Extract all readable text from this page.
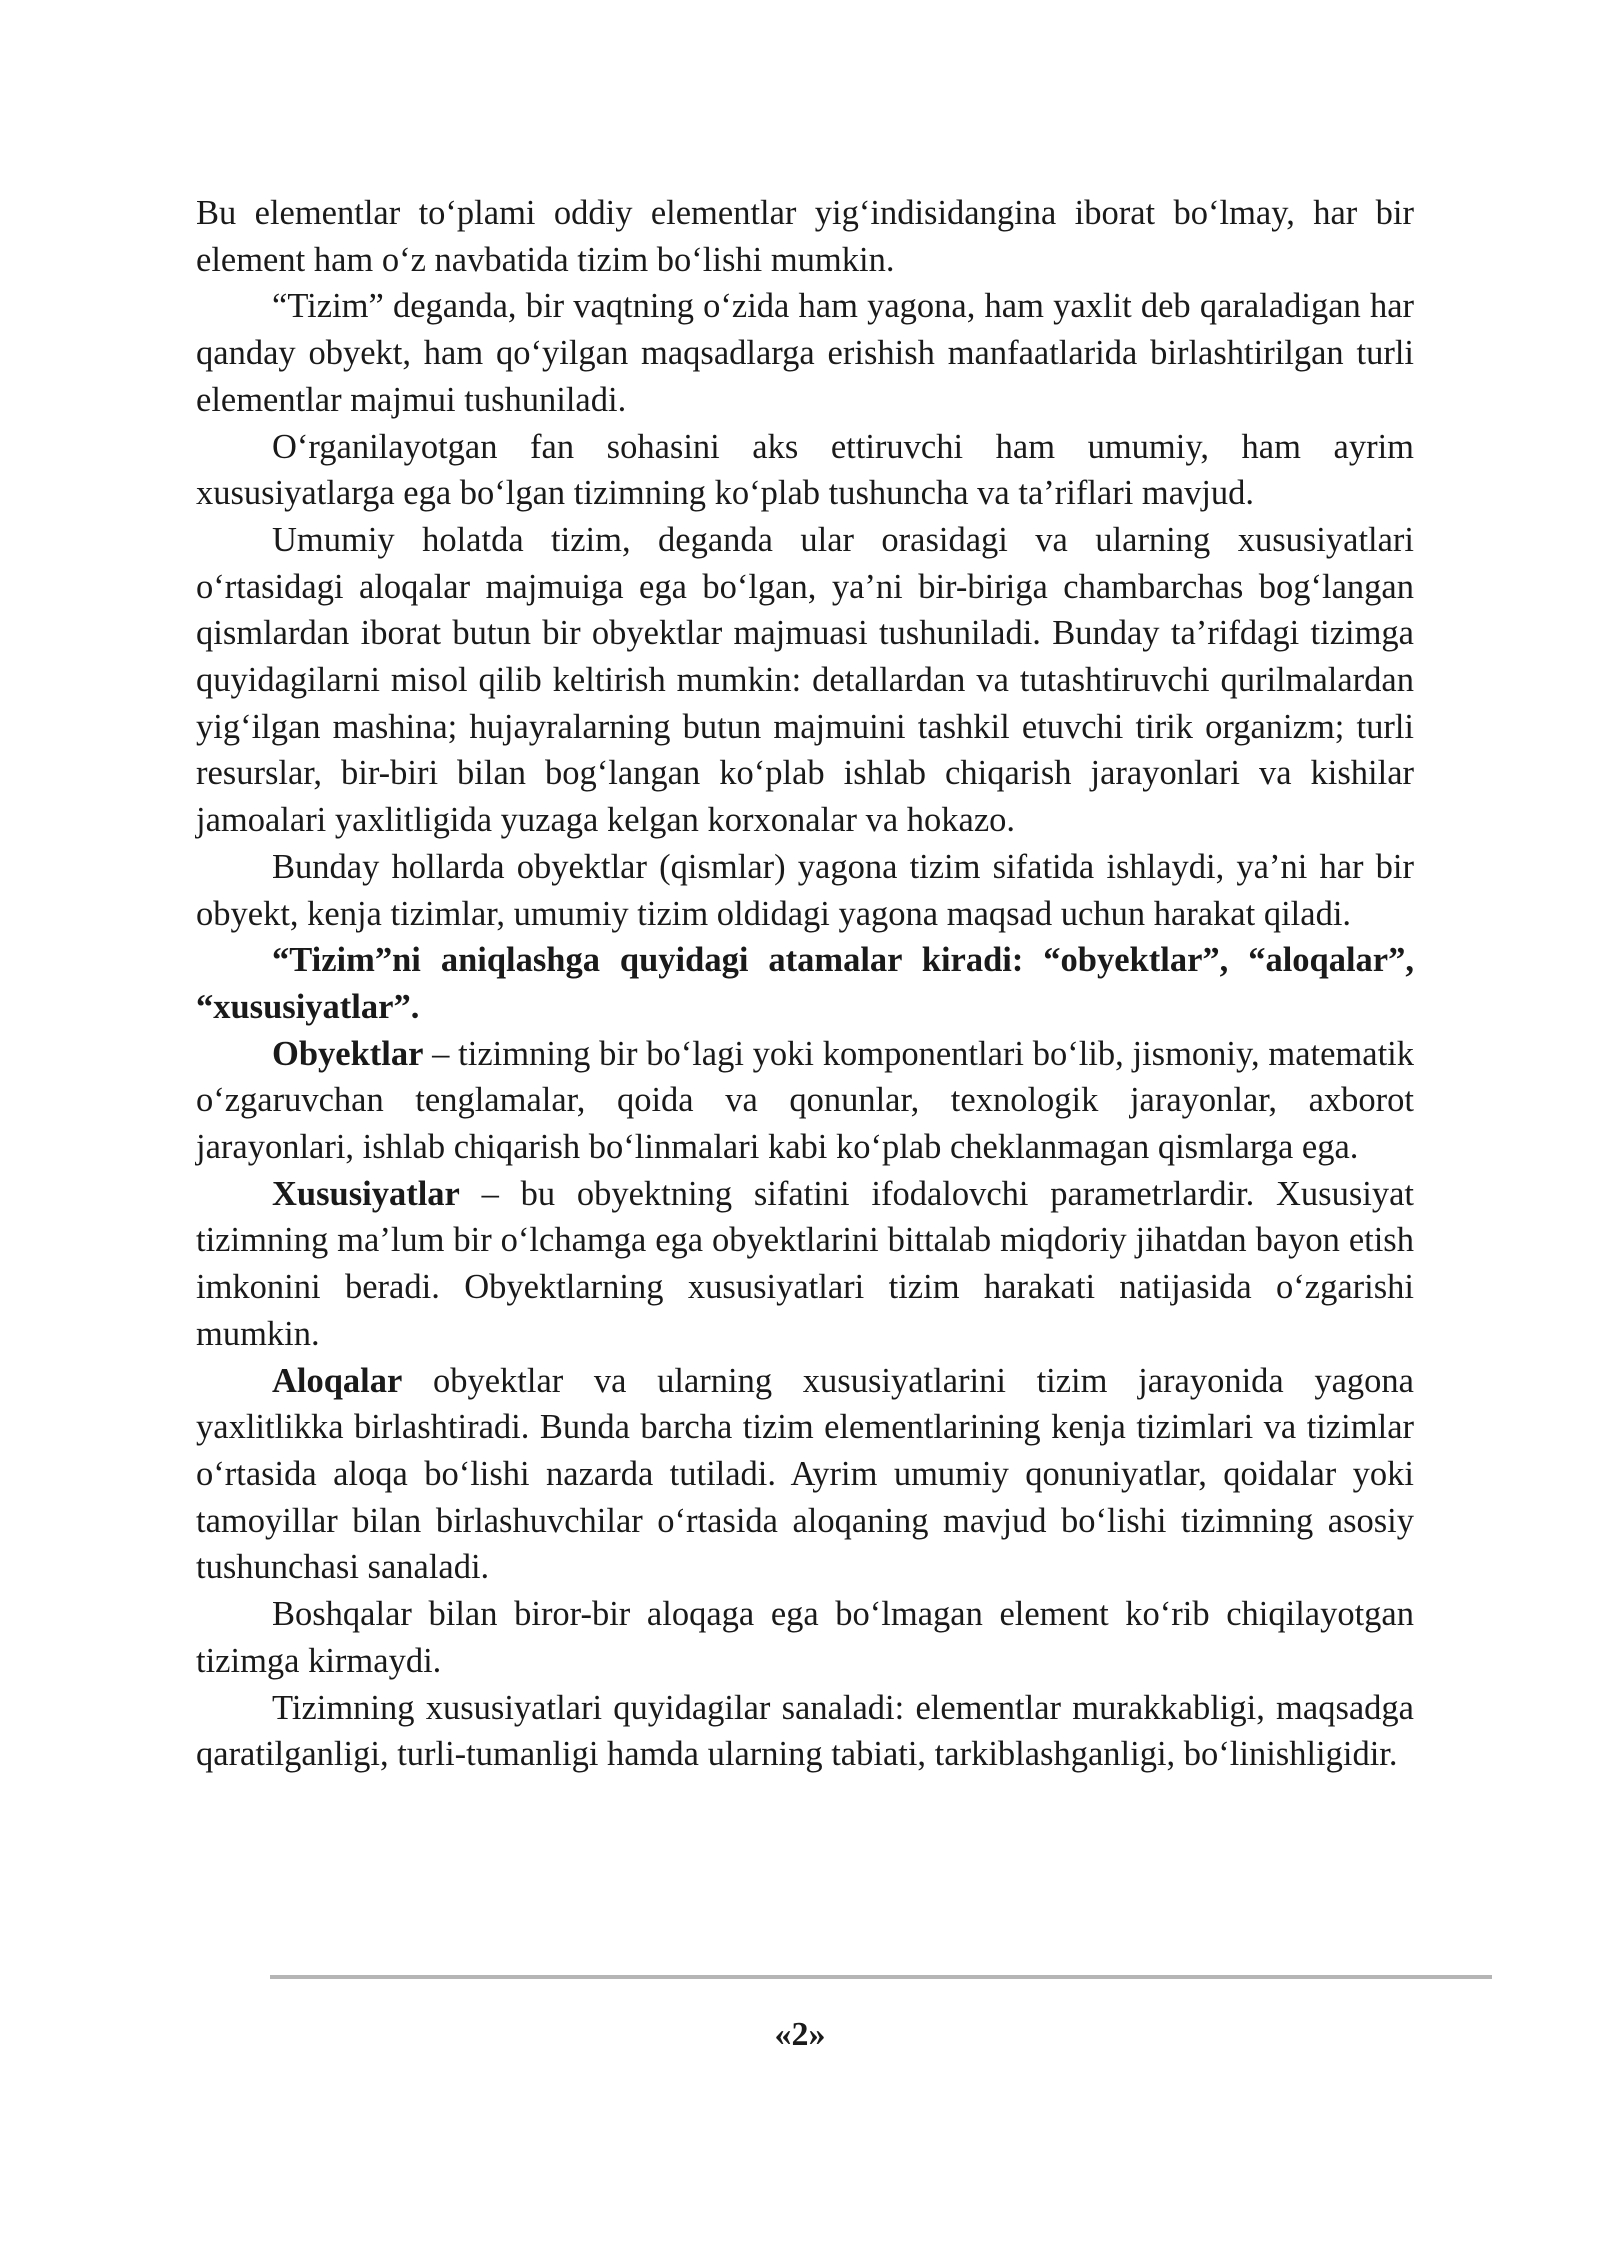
Bu elementlar to‘plami oddiy elementlar yig‘indisidangina iborat bo‘lmay, har bir element ham o‘z navbatida tizim bo‘lishi mumkin.

“Tizim” deganda, bir vaqtning o‘zida ham yagona, ham yaxlit deb qaraladigan har qanday obyekt, ham qo‘yilgan maqsadlarga erishish manfaatlarida birlashtirilgan turli elementlar majmui tushuniladi.

O‘rganilayotgan fan sohasini aks ettiruvchi ham umumiy, ham ayrim xususiyatlarga ega bo‘lgan tizimning ko‘plab tushuncha va ta’riflari mavjud.

Umumiy holatda tizim, deganda ular orasidagi va ularning xususiyatlari o‘rtasidagi aloqalar majmuiga ega bo‘lgan, ya’ni bir-biriga chambarchas bog‘langan qismlardan iborat butun bir obyektlar majmuasi tushuniladi. Bunday ta’rifdagi tizimga quyidagilarni misol qilib keltirish mumkin: detallardan va tutashtiruvchi qurilmalardan yig‘ilgan mashina; hujayralarning butun majmuini tashkil etuvchi tirik organizm; turli resurslar, bir-biri bilan bog‘langan ko‘plab ishlab chiqarish jarayonlari va kishilar jamoalari yaxlitligida yuzaga kelgan korxonalar va hokazo.

Bunday hollarda obyektlar (qismlar) yagona tizim sifatida ishlaydi, ya’ni har bir obyekt, kenja tizimlar, umumiy tizim oldidagi yagona maqsad uchun harakat qiladi.

“Tizim”ni aniqlashga quyidagi atamalar kiradi: “obyektlar”, “aloqalar”, “xususiyatlar”.

Obyektlar – tizimning bir bo‘lagi yoki komponentlari bo‘lib, jismoniy, matematik o‘zgaruvchan tenglamalar, qoida va qonunlar, texnologik jarayonlar, axborot jarayonlari, ishlab chiqarish bo‘linmalari kabi ko‘plab cheklanmagan qismlarga ega.

Xususiyatlar – bu obyektning sifatini ifodalovchi parametrlardir. Xususiyat tizimning ma’lum bir o‘lchamga ega obyektlarini bittalab miqdoriy jihatdan bayon etish imkonini beradi. Obyektlarning xususiyatlari tizim harakati natijasida o‘zgarishi mumkin.

Aloqalar obyektlar va ularning xususiyatlarini tizim jarayonida yagona yaxlitlikka birlashtiradi. Bunda barcha tizim elementlarining kenja tizimlari va tizimlar o‘rtasida aloqa bo‘lishi nazarda tutiladi. Ayrim umumiy qonuniyatlar, qoidalar yoki tamoyillar bilan birlashuvchilar o‘rtasida aloqaning mavjud bo‘lishi tizimning asosiy tushunchasi sanaladi.

Boshqalar bilan biror-bir aloqaga ega bo‘lmagan element ko‘rib chiqilayotgan tizimga kirmaydi.

Tizimning xususiyatlari quyidagilar sanaladi: elementlar murakkabligi, maqsadga qaratilganligi, turli-tumanligi hamda ularning tabiati, tarkiblashganligi, bo‘linishligidir.

«2»
